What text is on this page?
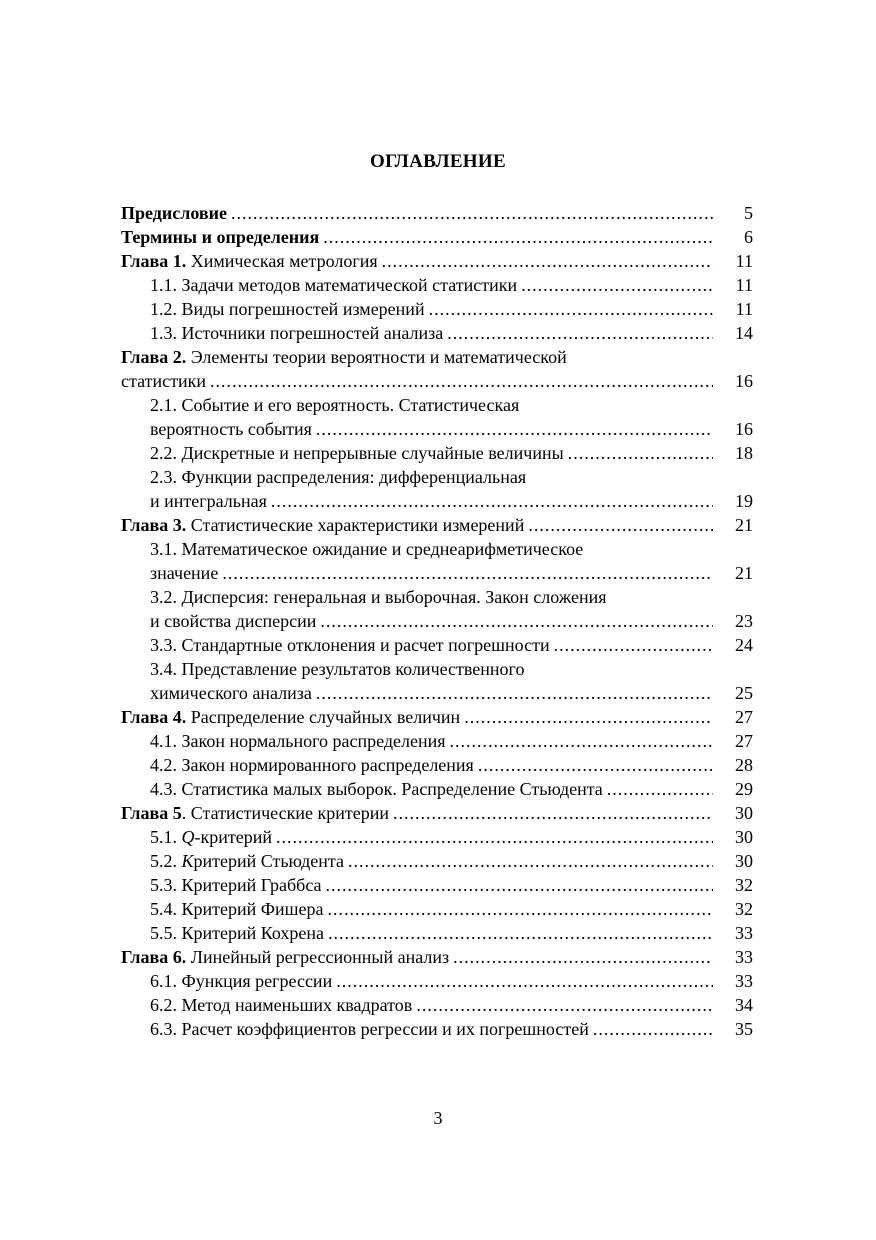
ОГЛАВЛЕНИЕ
Предисловие .....	5
Термины и определения .....	6
Глава 1. Химическая метрология .....	11
1.1. Задачи методов математической статистики .....	11
1.2. Виды погрешностей измерений .....	11
1.3. Источники погрешностей анализа .....	14
Глава 2. Элементы теории вероятности и математической
статистики .....	16
2.1. Событие и его вероятность. Статистическая
вероятность события .....	16
2.2. Дискретные и непрерывные случайные величины .....	18
2.3. Функции распределения: дифференциальная
и интегральная .....	19
Глава 3. Статистические характеристики измерений .....	21
3.1. Математическое ожидание и среднеарифметическое
значение .....	21
3.2. Дисперсия: генеральная и выборочная. Закон сложения
и свойства дисперсии .....	23
3.3. Стандартные отклонения и расчет погрешности .....	24
3.4. Представление результатов количественного
химического анализа .....	25
Глава 4. Распределение случайных величин .....	27
4.1. Закон нормального распределения .....	27
4.2. Закон нормированного распределения .....	28
4.3. Статистика малых выборок. Распределение Стьюдента .....	29
Глава 5. Статистические критерии .....	30
5.1. Q-критерий .....	30
5.2. Критерий Стьюдента .....	30
5.3. Критерий Граббса .....	32
5.4. Критерий Фишера .....	32
5.5. Критерий Кохрена .....	33
Глава 6. Линейный регрессионный анализ .....	33
6.1. Функция регрессии .....	33
6.2. Метод наименьших квадратов .....	34
6.3. Расчет коэффициентов регрессии и их погрешностей .....	35
3
